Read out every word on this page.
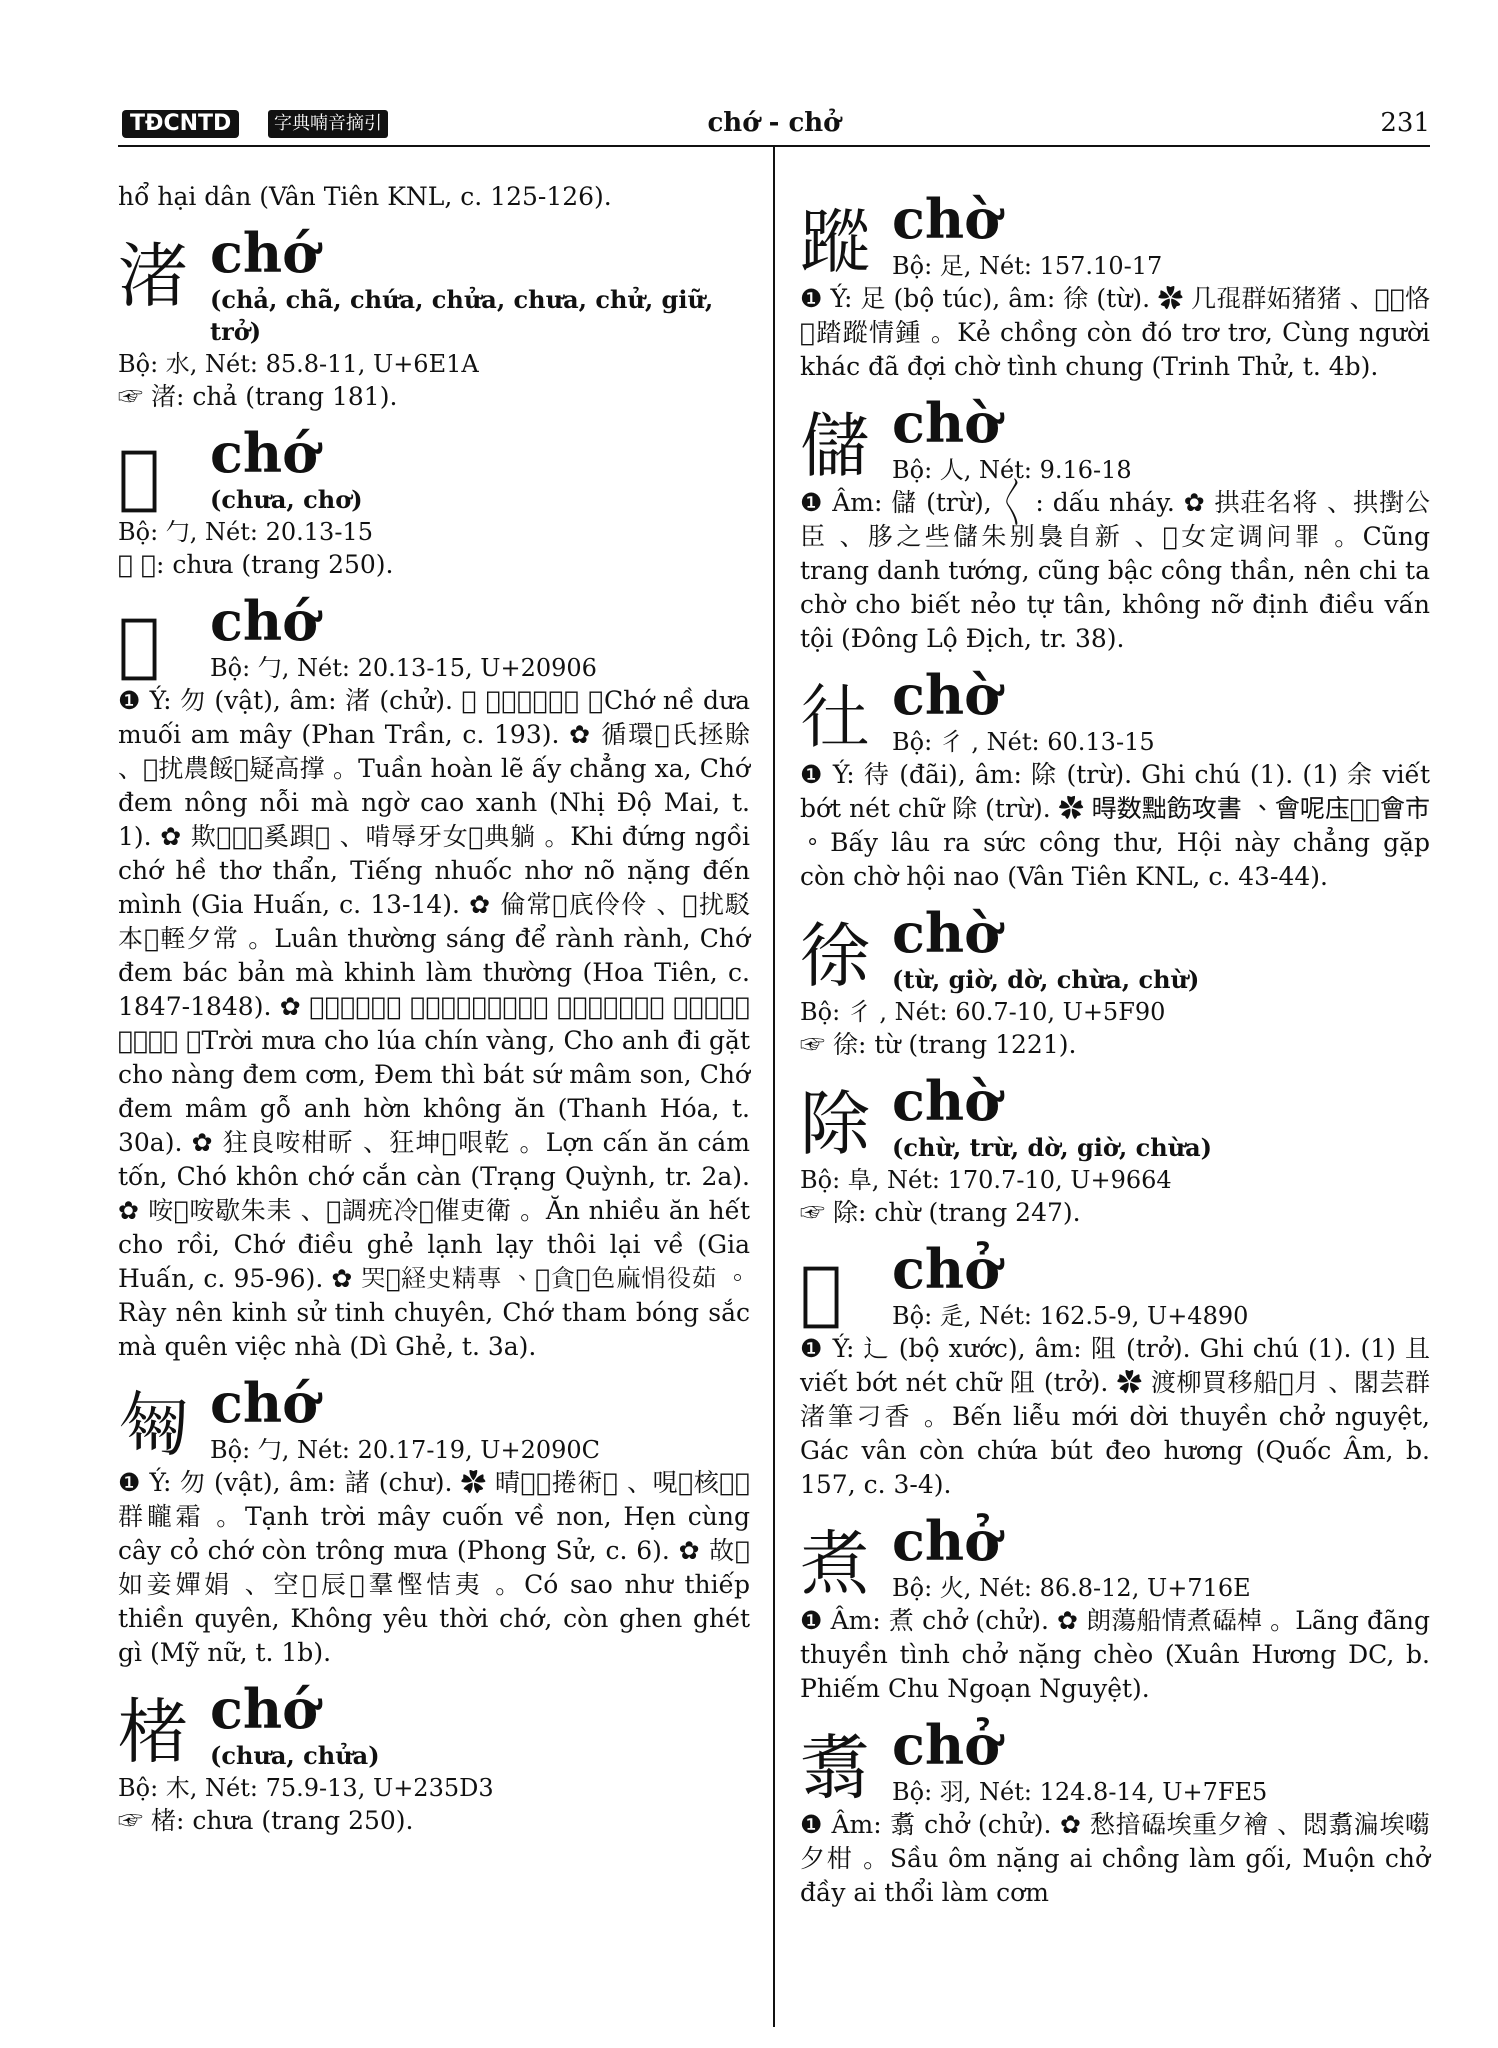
TĐCNTD	字典喃音摘引	chớ - chở	231

hổ hại dân (Vân Tiên KNL, c. 125-126).

渚 chớ
(chả, chã, chứa, chửa, chưa, chử, giữ, trở)
Bộ: 水, Nét: 85.8-11, U+6E1A
☞ 渚: chả (trang 181).
𫩂 chớ
(chưa, chơ)
Bộ: 勹, Nét: 20.13-15
☞ 𫩂: chưa (trang 250).
𠤆 chớ
Bộ: 勹, Nét: 20.13-15, U+20906
❶ Ý: 勿 (vật), âm: 渚 (chử). ✿ 𠤆泥茶坶葦霪 。Chớ nề dưa muối am mây (Phan Trần, c. 193). ✿ 循環𢧚氏拯賖 、𠤆扰農餒𢣂疑高撑 。Tuần hoàn lẽ ấy chẳng xa, Chớ đem nông nỗi mà ngờ cao xanh (Nhị Độ Mai, t. 1). ✿ 欺𨁪𠰉𠤆奚䟺𢬣 、啃辱牙女𥗐典躺 。Khi đứng ngồi chớ hề thơ thẩn, Tiếng nhuốc nhơ nõ nặng đến mình (Gia Huấn, c. 13-14). ✿ 倫常𤈜㡳伶伶 、𠤆扰駁本𢣂輊夕常 。Luân thường sáng để rành rành, Chớ đem bác bản mà khinh làm thường (Hoa Tiên, c. 1847-1848). ✿ 𡗶湄朱𥞇𥹚鐄 、朱英𢽼拮朱娘扰柑 、扰𡶀鉢使鍐輪 、𠤆扰鍐楛英𢢯空咹 。Trời mưa cho lúa chín vàng, Cho anh đi gặt cho nàng đem cơm, Đem thì bát sứ mâm son, Chớ đem mâm gỗ anh hờn không ăn (Thanh Hóa, t. 30a). ✿ 㹥良咹柑㪽 、狂坤𠤆哏乾 。Lợn cấn ăn cám tốn, Chó khôn chớ cắn càn (Trạng Quỳnh, tr. 2a). ✿ 咹𢀭咹歇朱耒 、𠤆調疣冷𩆐催吏衛 。Ăn nhiều ăn hết cho rồi, Chớ điều ghẻ lạnh lạy thôi lại về (Gia Huấn, c. 95-96). ✿ 𦉼𢀨経史精專 、𠤆貪𩄲色麻悁役茹 。Rày nên kinh sử tinh chuyên, Chớ tham bóng sắc mà quên việc nhà (Dì Ghẻ, t. 3a).
𠤈 chớ
Bộ: 勹, Nét: 20.17-19, U+2090C
❶ Ý: 勿 (vật), âm: 諸 (chư). ✿ 晴𡗶𨗜捲術𡽫 、哯𢮿核𡏧𠤈群矓霜 。Tạnh trời mây cuốn về non, Hẹn cùng cây cỏ chớ còn trông mưa (Phong Sử, c. 6). ✿ 故𡲫如妾嬋娟 、空𢞅辰𠤈羣慳恄夷 。Có sao như thiếp thiền quyên, Không yêu thời chớ, còn ghen ghét gì (Mỹ nữ, t. 1b).
楮 chớ
(chưa, chửa)
Bộ: 木, Nét: 75.9-13, U+235D3
☞ 楮: chưa (trang 250).
蹤 chờ
Bộ: 足, Nét: 157.10-17
❶ Ý: 足 (bộ túc), âm: 徐 (từ). ✿ 几𡥵群妬猪猪 、𡗂𣦍恪𠀧踏蹤情鍾 。Kẻ chồng còn đó trơ trơ, Cùng người khác đã đợi chờ tình chung (Trinh Thử, t. 4b).
儲 chờ
Bộ: 人, Nét: 9.16-18
❶ Âm: 儲 (trừ), 〱 : dấu nháy. ✿ 拱荘名将 、拱𢷮公臣 、䏧之些儲朱别裊自新 、𡧲女定调问罪 。Cũng trang danh tướng, cũng bậc công thần, nên chi ta chờ cho biết nẻo tự tân, không nỡ định điều vấn tội (Đông Lộ Địch, tr. 38).
𢓂 chờ
Bộ: 彳 , Nét: 60.13-15
❶ Ý: 待 (đãi), âm: 除 (trừ). Ghi chú (1). (1) 余 viết bớt nét chữ 除 (trừ). ✿ 𣈜数黜飭攻書 、會呢庒𧵆𢓂會市 。Bấy lâu ra sức công thư, Hội này chẳng gặp còn chờ hội nao (Vân Tiên KNL, c. 43-44).
徐 chờ
(từ, giờ, dờ, chừa, chừ)
Bộ: 彳 , Nét: 60.7-10, U+5F90
☞ 徐: từ (trang 1221).
除 chờ
(chừ, trừ, dờ, giờ, chừa)
Bộ: 阜, Nét: 170.7-10, U+9664
☞ 除: chừ (trang 247).
𨒐 chở
Bộ: 辵, Nét: 162.5-9, U+4890
❶ Ý: ⻌ (bộ xước), âm: 阻 (trở). Ghi chú (1). (1) 且 viết bớt nét chữ 阻 (trở). ✿ 渡柳買移船𨒐月 、閣芸群渚筆刁香 。Bến liễu mới dời thuyền chở nguyệt, Gác vân còn chứa bút đeo hương (Quốc Âm, b. 157, c. 3-4).
煮 chở
Bộ: 火, Nét: 86.8-12, U+716E
❶ Âm: 煮 chở (chử). ✿ 朗蕩船情煮𥗐棹 。Lãng đãng thuyền tình chở nặng chèo (Xuân Hương DC, b. Phiếm Chu Ngoạn Nguyệt).
翥 chở
Bộ: 羽, Nét: 124.8-14, U+7FE5
❶ Âm: 翥 chở (chử). ✿ 愁揞𥗐埃重夕襘 、悶翥㴜埃𡁿夕柑 。Sầu ôm nặng ai chồng làm gối, Muộn chở đầy ai thổi làm cơm
